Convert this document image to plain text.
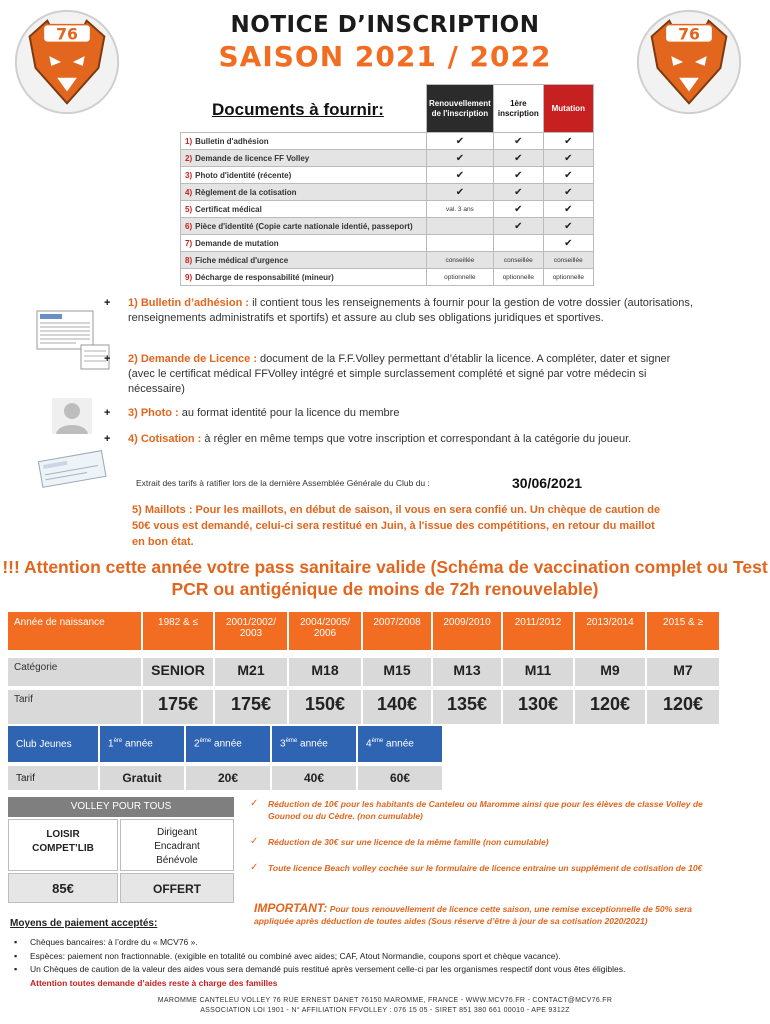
76	76
NOTICE D’INSCRIPTION
SAISON 2021 / 2022
Documents à fournir:
		Renouvellement de l'inscription	1ère inscription	Mutation
1) Bulletin d'adhésion	✔	✔	✔
2) Demande de licence FF Volley	✔	✔	✔
3) Photo d'identité (récente)	✔	✔	✔
4) Règlement de la cotisation	✔	✔	✔
5) Certificat médical	val. 3 ans	✔	✔
6) Pièce d'identité (Copie carte nationale identié, passeport)		✔	✔
7) Demande de mutation			✔
8) Fiche médical d'urgence	conseillée	conseillée	conseillée
9) Décharge de responsabilité (mineur)	optionnelle	optionnelle	optionnelle
+	1) Bulletin d’adhésion : il contient tous les renseignements à fournir pour la gestion de votre dossier (autorisations, renseignements administratifs et sportifs) et assure au club ses obligations juridiques et sportives.
+	2) Demande de Licence : document de la F.F.Volley permettant d’établir la licence. A compléter, dater et signer (avec le certificat médical FFVolley intégré et simple surclassement complété et signé par votre médecin si nécessaire)
+	3) Photo : au format identité pour la licence du membre
+	4) Cotisation : à régler en même temps que votre inscription et correspondant à la catégorie du joueur.
Extrait des tarifs à ratifier lors de la dernière Assemblée Générale du Club du :	30/06/2021
5) Maillots : Pour les maillots, en début de saison, il vous en sera confié un. Un chèque de caution de 50€ vous est demandé, celui-ci sera restitué en Juin, à l'issue des compétitions, en retour du maillot en bon état.
!!! Attention cette année votre pass sanitaire valide (Schéma de vaccination complet ou Test PCR ou antigénique de moins de 72h renouvelable)
Année de naissance	1982 & ≤	2001/2002/ 2003	2004/2005/ 2006	2007/2008	2009/2010	2011/2012	2013/2014	2015 & ≥

Catégorie	SENIOR	M21	M18	M15	M13	M11	M9	M7

Tarif	175€	175€	150€	140€	135€	130€	120€	120€
Club Jeunes	1ère année	2ème année	3ème année	4ème année

Tarif	Gratuit	20€	40€	60€
VOLLEY POUR TOUS
LOISIR
COMPET’LIB
Dirigeant
Encadrant
Bénévole
85€	OFFERT
✓ Réduction de 10€ pour les habitants de Canteleu ou Maromme ainsi que pour les élèves de classe Volley de Gounod ou du Cèdre. (non cumulable)
✓ Réduction de 30€ sur une licence de la même famille (non cumulable)
✓ Toute licence Beach volley cochée sur le formulaire de licence entraine un supplément de cotisation de 10€
IMPORTANT: Pour tous renouvellement de licence cette saison, une remise exceptionnelle de 50% sera appliquée après déduction de toutes aides (Sous réserve d’être à jour de sa cotisation 2020/2021)
Moyens de paiement acceptés:
▪ Chèques bancaires: à l’ordre du « MCV76 ».
▪ Espèces: paiement non fractionnable. (exigible en totalité ou combiné avec aides; CAF, Atout Normandie, coupons sport et chèque vacance).
▪ Un Chèques de caution de la valeur des aides vous sera demandé puis restitué après versement celle-ci par les organismes respectif dont vous êtes éligibles.
Attention toutes demande d’aides reste à charge des familles
MAROMME CANTELEU VOLLEY 76 RUE ERNEST DANET 76150 MAROMME, FRANCE - WWW.MCV76.FR - CONTACT@MCV76.FR
ASSOCIATION LOI 1901 - N° AFFILIATION FFVOLLEY : 076 15 05 - SIRET 851 380 661 00010 - APE 9312Z
